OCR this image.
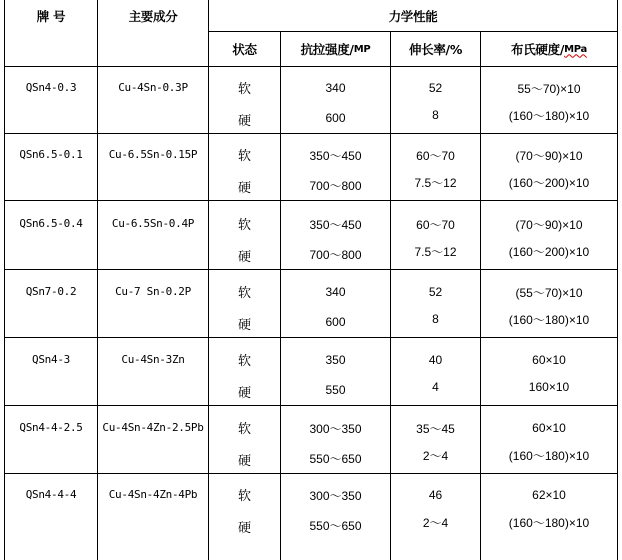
牌 号	主要成分	力学性能
状态	抗拉强度/ MP	伸长率/%	布氏硬度/ MPa
QSn4-0.3	Cu-4Sn-0.3P	软	340	52	55～70)×10
硬	600	8	(160～180)×10
QSn6.5-0.1	Cu-6.5Sn-0.15P	软	350～450	60～70	(70～90)×10
硬	700～800	7.5～12	(160～200)×10
QSn6.5-0.4	Cu-6.5Sn-0.4P	软	350～450	60～70	(70～90)×10
硬	700～800	7.5～12	(160～200)×10
QSn7-0.2	Cu-7 Sn-0.2P	软	340	52	(55～70)×10
硬	600	8	(160～180)×10
QSn4-3	Cu-4Sn-3Zn	软	350	40	60×10
硬	550	4	160×10
QSn4-4-2.5	Cu-4Sn-4Zn-2.5Pb	软	300～350	35～45	60×10
硬	550～650	2～4	(160～180)×10
QSn4-4-4	Cu-4Sn-4Zn-4Pb	软	300～350	46	62×10
硬	550～650	2～4	(160～180)×10
